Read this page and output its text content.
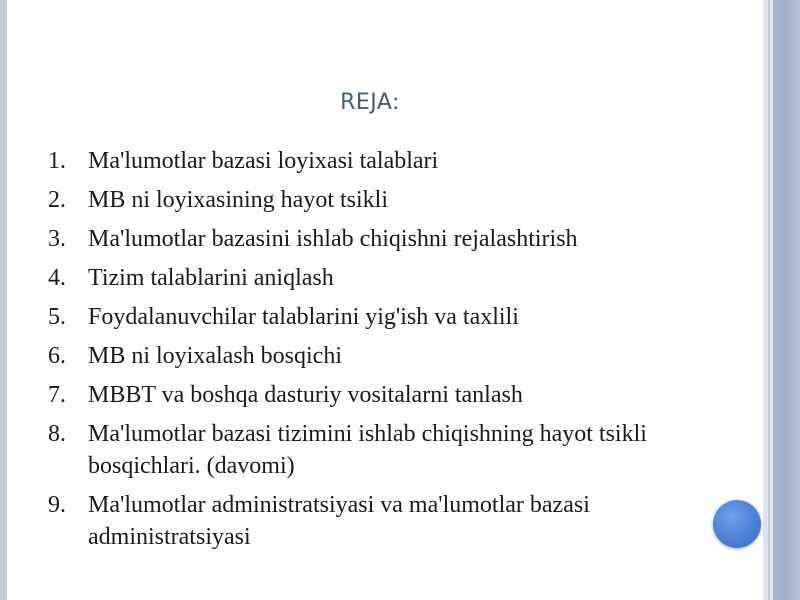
REJA:
1. Ma'lumotlar bazasi loyixasi talablari
2. MB ni loyixasining hayot tsikli
3. Ma'lumotlar bazasini ishlab chiqishni rejalashtirish
4. Tizim talablarini aniqlash
5. Foydalanuvchilar talablarini yig'ish va taxlili
6. MB ni loyixalash bosqichi
7. MBBT va boshqa dasturiy vositalarni tanlash
8. Ma'lumotlar bazasi tizimini ishlab chiqishning hayot tsikli bosqichlari. (davomi)
9. Ma'lumotlar administratsiyasi va ma'lumotlar bazasi administratsiyasi
